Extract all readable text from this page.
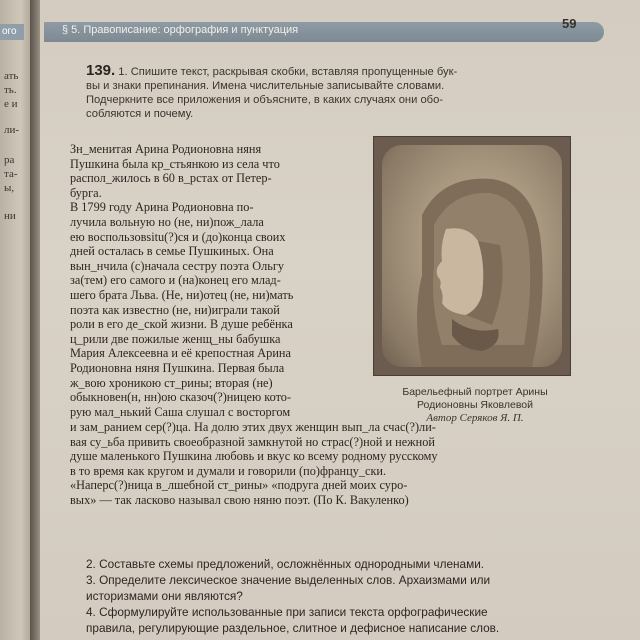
ого
ать
ть.
е и
ли-
ра
та-
ы,
ни
§ 5. Правописание: орфография и пунктуация	59
139. 1. Спишите текст, раскрывая скобки, вставляя пропущенные бук-
вы и знаки препинания. Имена числительные записывайте словами.
Подчеркните все приложения и объясните, в каких случаях они обо-
собляются и почему.
Зн_менитая Арина Родионовна няня
Пушкина была кр_стьянкою из села что
распол_жилось в 60 в_рстах от Петер-
бурга.
В 1799 году Арина Родионовна по-
лучила вольную но (не, ни)пож_лала
ею воспользовsitu(?)ся и (до)конца своих
дней осталась в семье Пушкиных. Она
вын_нчила (с)начала сестру поэта Ольгу
за(тем) его самого и (на)конец его млад-
шего брата Льва. (Не, ни)отец (не, ни)мать
поэта как известно (не, ни)играли такой
роли в его де_ской жизни. В душе ребёнка
ц_рили две пожилые женщ_ны бабушка
Мария Алексеевна и её крепостная Арина
Родионовна няня Пушкина. Первая была
ж_вою хроникою ст_рины; вторая (не)
обыкновен(н, нн)ою сказоч(?)ницею кото-
рую мал_нький Саша слушал с восторгом
и зам_ранием сер(?)ца. На долю этих двух женщин вып_ла счас(?)ли-
вая су_ьба привить своеобразной замкнутой но страс(?)ной и нежной
душе маленького Пушкина любовь и вкус ко всему родному русскому
в то время как кругом и думали и говорили (по)францу_ски.
«Наперс(?)ница в_лшебной ст_рины» «подруга дней моих суро-
вых» — так ласково называл свою няню поэт. (По К. Вакуленко)
2. Составьте схемы предложений, осложнённых однородными членами.
3. Определите лексическое значение выделенных слов. Архаизмами или
историзмами они являются?
4. Сформулируйте использованные при записи текста орфографические
правила, регулирующие раздельное, слитное и дефисное написание слов.
Барельефный портрет Арины
Родионовны Яковлевой
Автор Серяков Я. П.
